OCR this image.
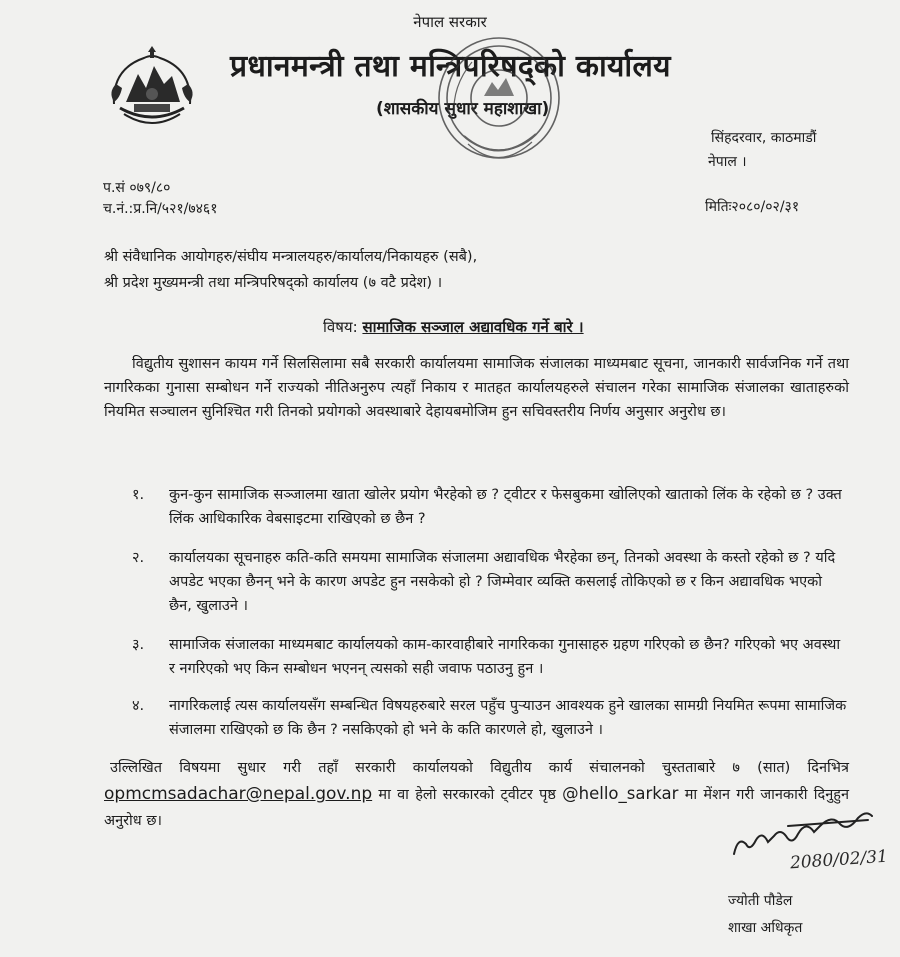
नेपाल सरकार
प्रधानमन्त्री तथा मन्त्रिपरिषद्को कार्यालय
(शासकीय सुधार महाशाखा)
सिंहदरवार, काठमाडौं
नेपाल ।
प.सं ०७९/८०
च.नं.:प्र.नि/५२१/७४६१	मितिः२०८०/०२/३१
श्री संवैधानिक आयोगहरु/संघीय मन्त्रालयहरु/कार्यालय/निकायहरु (सबै),
श्री प्रदेश मुख्यमन्त्री तथा मन्त्रिपरिषद्को कार्यालय (७ वटै प्रदेश) ।
विषय: सामाजिक सञ्जाल अद्यावधिक गर्ने बारे ।
विद्युतीय सुशासन कायम गर्ने सिलसिलामा सबै सरकारी कार्यालयमा सामाजिक संजालका माध्यमबाट सूचना, जानकारी सार्वजनिक गर्ने तथा नागरिकका गुनासा सम्बोधन गर्ने राज्यको नीतिअनुरुप त्यहाँ निकाय र मातहत कार्यालयहरुले संचालन गरेका सामाजिक संजालका खाताहरुको नियमित सञ्चालन सुनिश्चित गरी तिनको प्रयोगको अवस्थाबारे देहायबमोजिम हुन सचिवस्तरीय निर्णय अनुसार अनुरोध छ।
१. कुन-कुन सामाजिक सञ्जालमा खाता खोलेर प्रयोग भैरहेको छ ? ट्वीटर र फेसबुकमा खोलिएको खाताको लिंक के रहेको छ ? उक्त लिंक आधिकारिक वेबसाइटमा राखिएको छ छैन ?
२. कार्यालयका सूचनाहरु कति-कति समयमा सामाजिक संजालमा अद्यावधिक भैरहेका छन्, तिनको अवस्था के कस्तो रहेको छ ? यदि अपडेट भएका छैनन् भने के कारण अपडेट हुन नसकेको हो ? जिम्मेवार व्यक्ति कसलाई तोकिएको छ र किन अद्यावधिक भएको छैन, खुलाउने ।
३. सामाजिक संजालका माध्यमबाट कार्यालयको काम-कारवाहीबारे नागरिकका गुनासाहरु ग्रहण गरिएको छ छैन? गरिएको भए अवस्था र नगरिएको भए किन सम्बोधन भएनन् त्यसको सही जवाफ पठाउनु हुन ।
४. नागरिकलाई त्यस कार्यालयसँग सम्बन्धित विषयहरुबारे सरल पहुँच पुऱ्याउन आवश्यक हुने खालका सामग्री नियमित रूपमा सामाजिक संजालमा राखिएको छ कि छैन ? नसकिएको हो भने के कति कारणले हो, खुलाउने ।
उल्लिखित विषयमा सुधार गरी तहाँ सरकारी कार्यालयको विद्युतीय कार्य संचालनको चुस्तताबारे ७ (सात) दिनभित्र opmcmsadachar@nepal.gov.np मा वा हेलो सरकारको ट्वीटर पृष्ठ @hello_sarkar मा मेंशन गरी जानकारी दिनुहुन अनुरोध छ।
2080/02/31
ज्योती पौडेल
शाखा अधिकृत
